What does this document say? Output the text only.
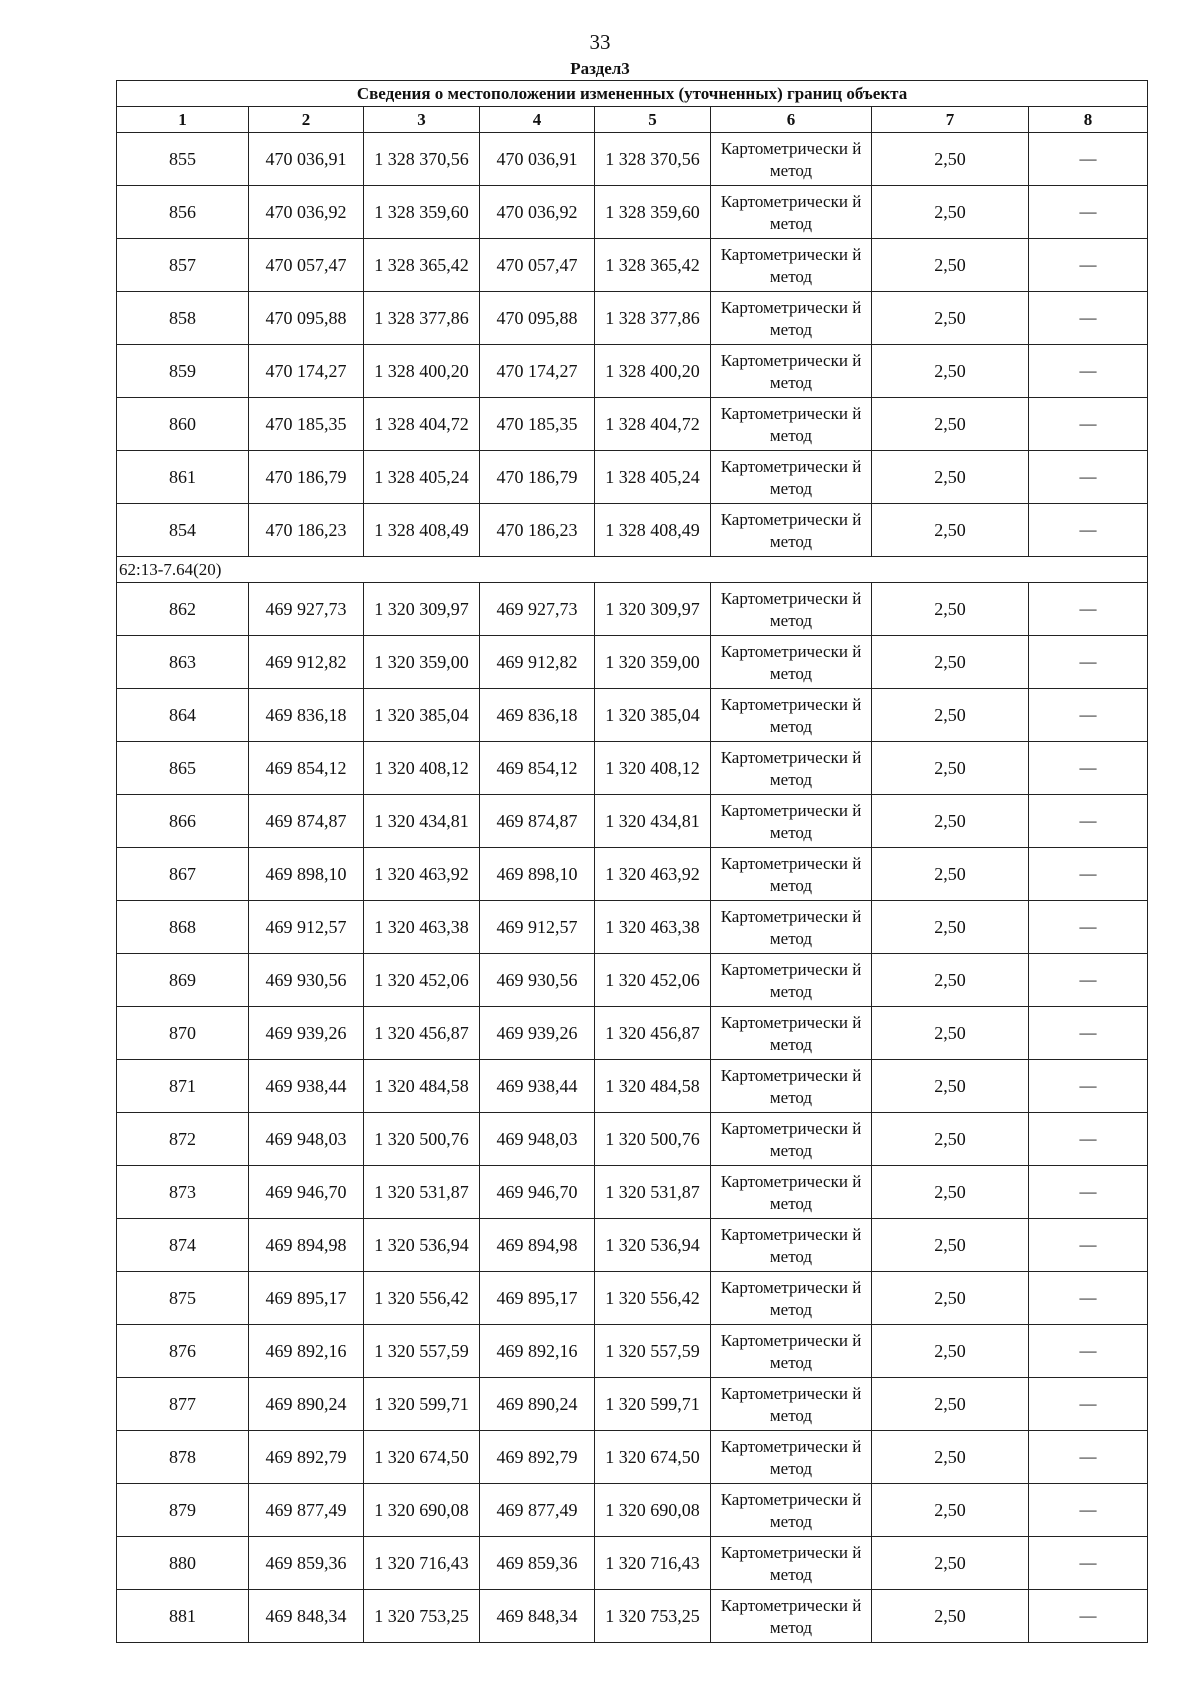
33
Раздел3
Сведения о местоположении измененных (уточненных) границ объекта							
1	2	3	4	5	6	7	8
855	470 036,91	1 328 370,56	470 036,91	1 328 370,56	Картометрически й метод	2,50	—
856	470 036,92	1 328 359,60	470 036,92	1 328 359,60	Картометрически й метод	2,50	—
857	470 057,47	1 328 365,42	470 057,47	1 328 365,42	Картометрически й метод	2,50	—
858	470 095,88	1 328 377,86	470 095,88	1 328 377,86	Картометрически й метод	2,50	—
859	470 174,27	1 328 400,20	470 174,27	1 328 400,20	Картометрически й метод	2,50	—
860	470 185,35	1 328 404,72	470 185,35	1 328 404,72	Картометрически й метод	2,50	—
861	470 186,79	1 328 405,24	470 186,79	1 328 405,24	Картометрически й метод	2,50	—
854	470 186,23	1 328 408,49	470 186,23	1 328 408,49	Картометрически й метод	2,50	—
62:13-7.64(20)							
862	469 927,73	1 320 309,97	469 927,73	1 320 309,97	Картометрически й метод	2,50	—
863	469 912,82	1 320 359,00	469 912,82	1 320 359,00	Картометрически й метод	2,50	—
864	469 836,18	1 320 385,04	469 836,18	1 320 385,04	Картометрически й метод	2,50	—
865	469 854,12	1 320 408,12	469 854,12	1 320 408,12	Картометрически й метод	2,50	—
866	469 874,87	1 320 434,81	469 874,87	1 320 434,81	Картометрически й метод	2,50	—
867	469 898,10	1 320 463,92	469 898,10	1 320 463,92	Картометрически й метод	2,50	—
868	469 912,57	1 320 463,38	469 912,57	1 320 463,38	Картометрически й метод	2,50	—
869	469 930,56	1 320 452,06	469 930,56	1 320 452,06	Картометрически й метод	2,50	—
870	469 939,26	1 320 456,87	469 939,26	1 320 456,87	Картометрически й метод	2,50	—
871	469 938,44	1 320 484,58	469 938,44	1 320 484,58	Картометрически й метод	2,50	—
872	469 948,03	1 320 500,76	469 948,03	1 320 500,76	Картометрически й метод	2,50	—
873	469 946,70	1 320 531,87	469 946,70	1 320 531,87	Картометрически й метод	2,50	—
874	469 894,98	1 320 536,94	469 894,98	1 320 536,94	Картометрически й метод	2,50	—
875	469 895,17	1 320 556,42	469 895,17	1 320 556,42	Картометрически й метод	2,50	—
876	469 892,16	1 320 557,59	469 892,16	1 320 557,59	Картометрически й метод	2,50	—
877	469 890,24	1 320 599,71	469 890,24	1 320 599,71	Картометрически й метод	2,50	—
878	469 892,79	1 320 674,50	469 892,79	1 320 674,50	Картометрически й метод	2,50	—
879	469 877,49	1 320 690,08	469 877,49	1 320 690,08	Картометрически й метод	2,50	—
880	469 859,36	1 320 716,43	469 859,36	1 320 716,43	Картометрически й метод	2,50	—
881	469 848,34	1 320 753,25	469 848,34	1 320 753,25	Картометрически й метод	2,50	—
